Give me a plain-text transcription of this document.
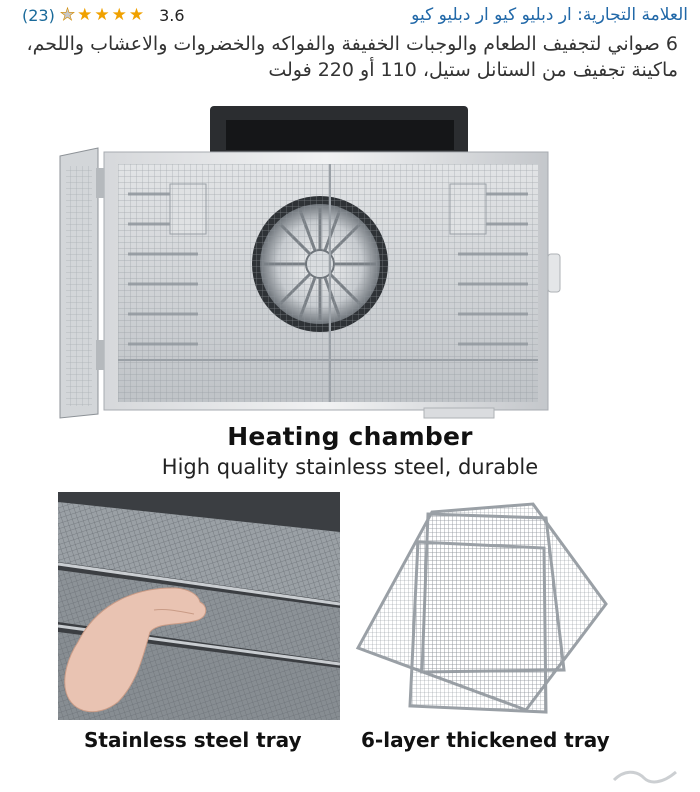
(23) ★ ★ ★ ★ ★ 3.6	العلامة التجارية: ار دبليو كيو ار دبليو كيو
6 صواني لتجفيف الطعام والوجبات الخفيفة والفواكه والخضروات والاعشاب واللحم، ماكينة تجفيف من الستانل ستيل، 110 أو 220 فولت
Heating chamber
High quality stainless steel, durable
Stainless steel tray	6-layer thickened tray
